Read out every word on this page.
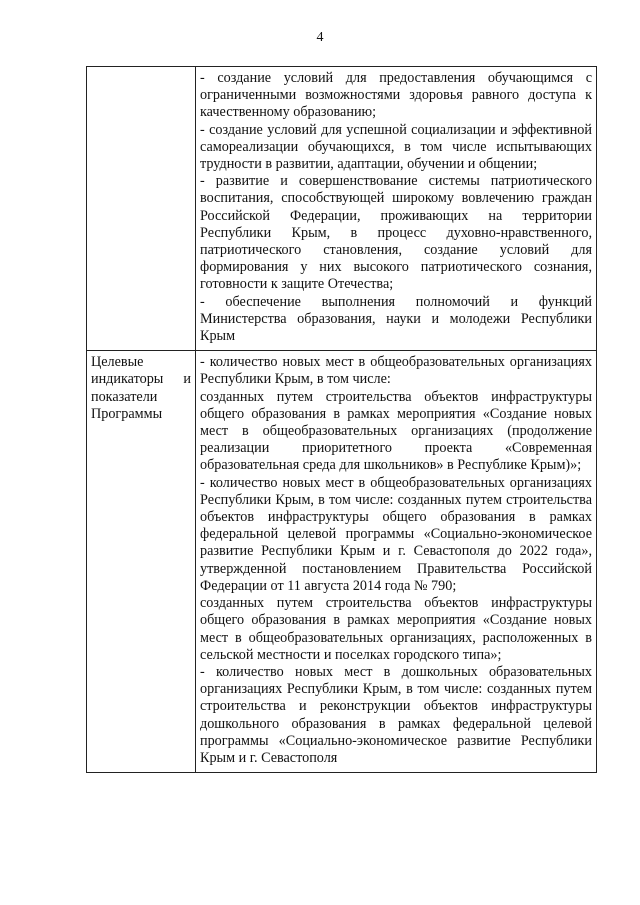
4

	- создание условий для предоставления обучающимся с ограниченными возможностями здоровья равного доступа к качественному образованию;

- создание условий для успешной социализации и эффективной самореализации обучающихся, в том числе испытывающих трудности в развитии, адаптации, обучении и общении;

- развитие и совершенствование системы патриотического воспитания, способствующей широкому вовлечению граждан Российской Федерации, проживающих на территории Республики Крым, в процесс духовно-нравственного, патриотического становления, создание условий для формирования у них высокого патриотического сознания, готовности к защите Отечества;

- обеспечение выполнения полномочий и функций Министерства образования, науки и молодежи Республики Крым

Целевые индикаторы и показатели Программы	- количество новых мест в общеобразовательных организациях Республики Крым, в том числе:

созданных путем строительства объектов инфраструктуры общего образования в рамках мероприятия «Создание новых мест в общеобразовательных организациях (продолжение реализации приоритетного проекта «Современная образовательная среда для школьников» в Республике Крым)»;

- количество новых мест в общеобразовательных организациях Республики Крым, в том числе: созданных путем строительства объектов инфраструктуры общего образования в рамках федеральной целевой программы «Социально-экономическое развитие Республики Крым и г. Севастополя до 2022 года», утвержденной постановлением Правительства Российской Федерации от 11 августа 2014 года № 790;

созданных путем строительства объектов инфраструктуры общего образования в рамках мероприятия «Создание новых мест в общеобразовательных организациях, расположенных в сельской местности и поселках городского типа»;

- количество новых мест в дошкольных образовательных организациях Республики Крым, в том числе: созданных путем строительства и реконструкции объектов инфраструктуры дошкольного образования в рамках федеральной целевой программы «Социально-экономическое развитие Республики Крым и г. Севастополя
